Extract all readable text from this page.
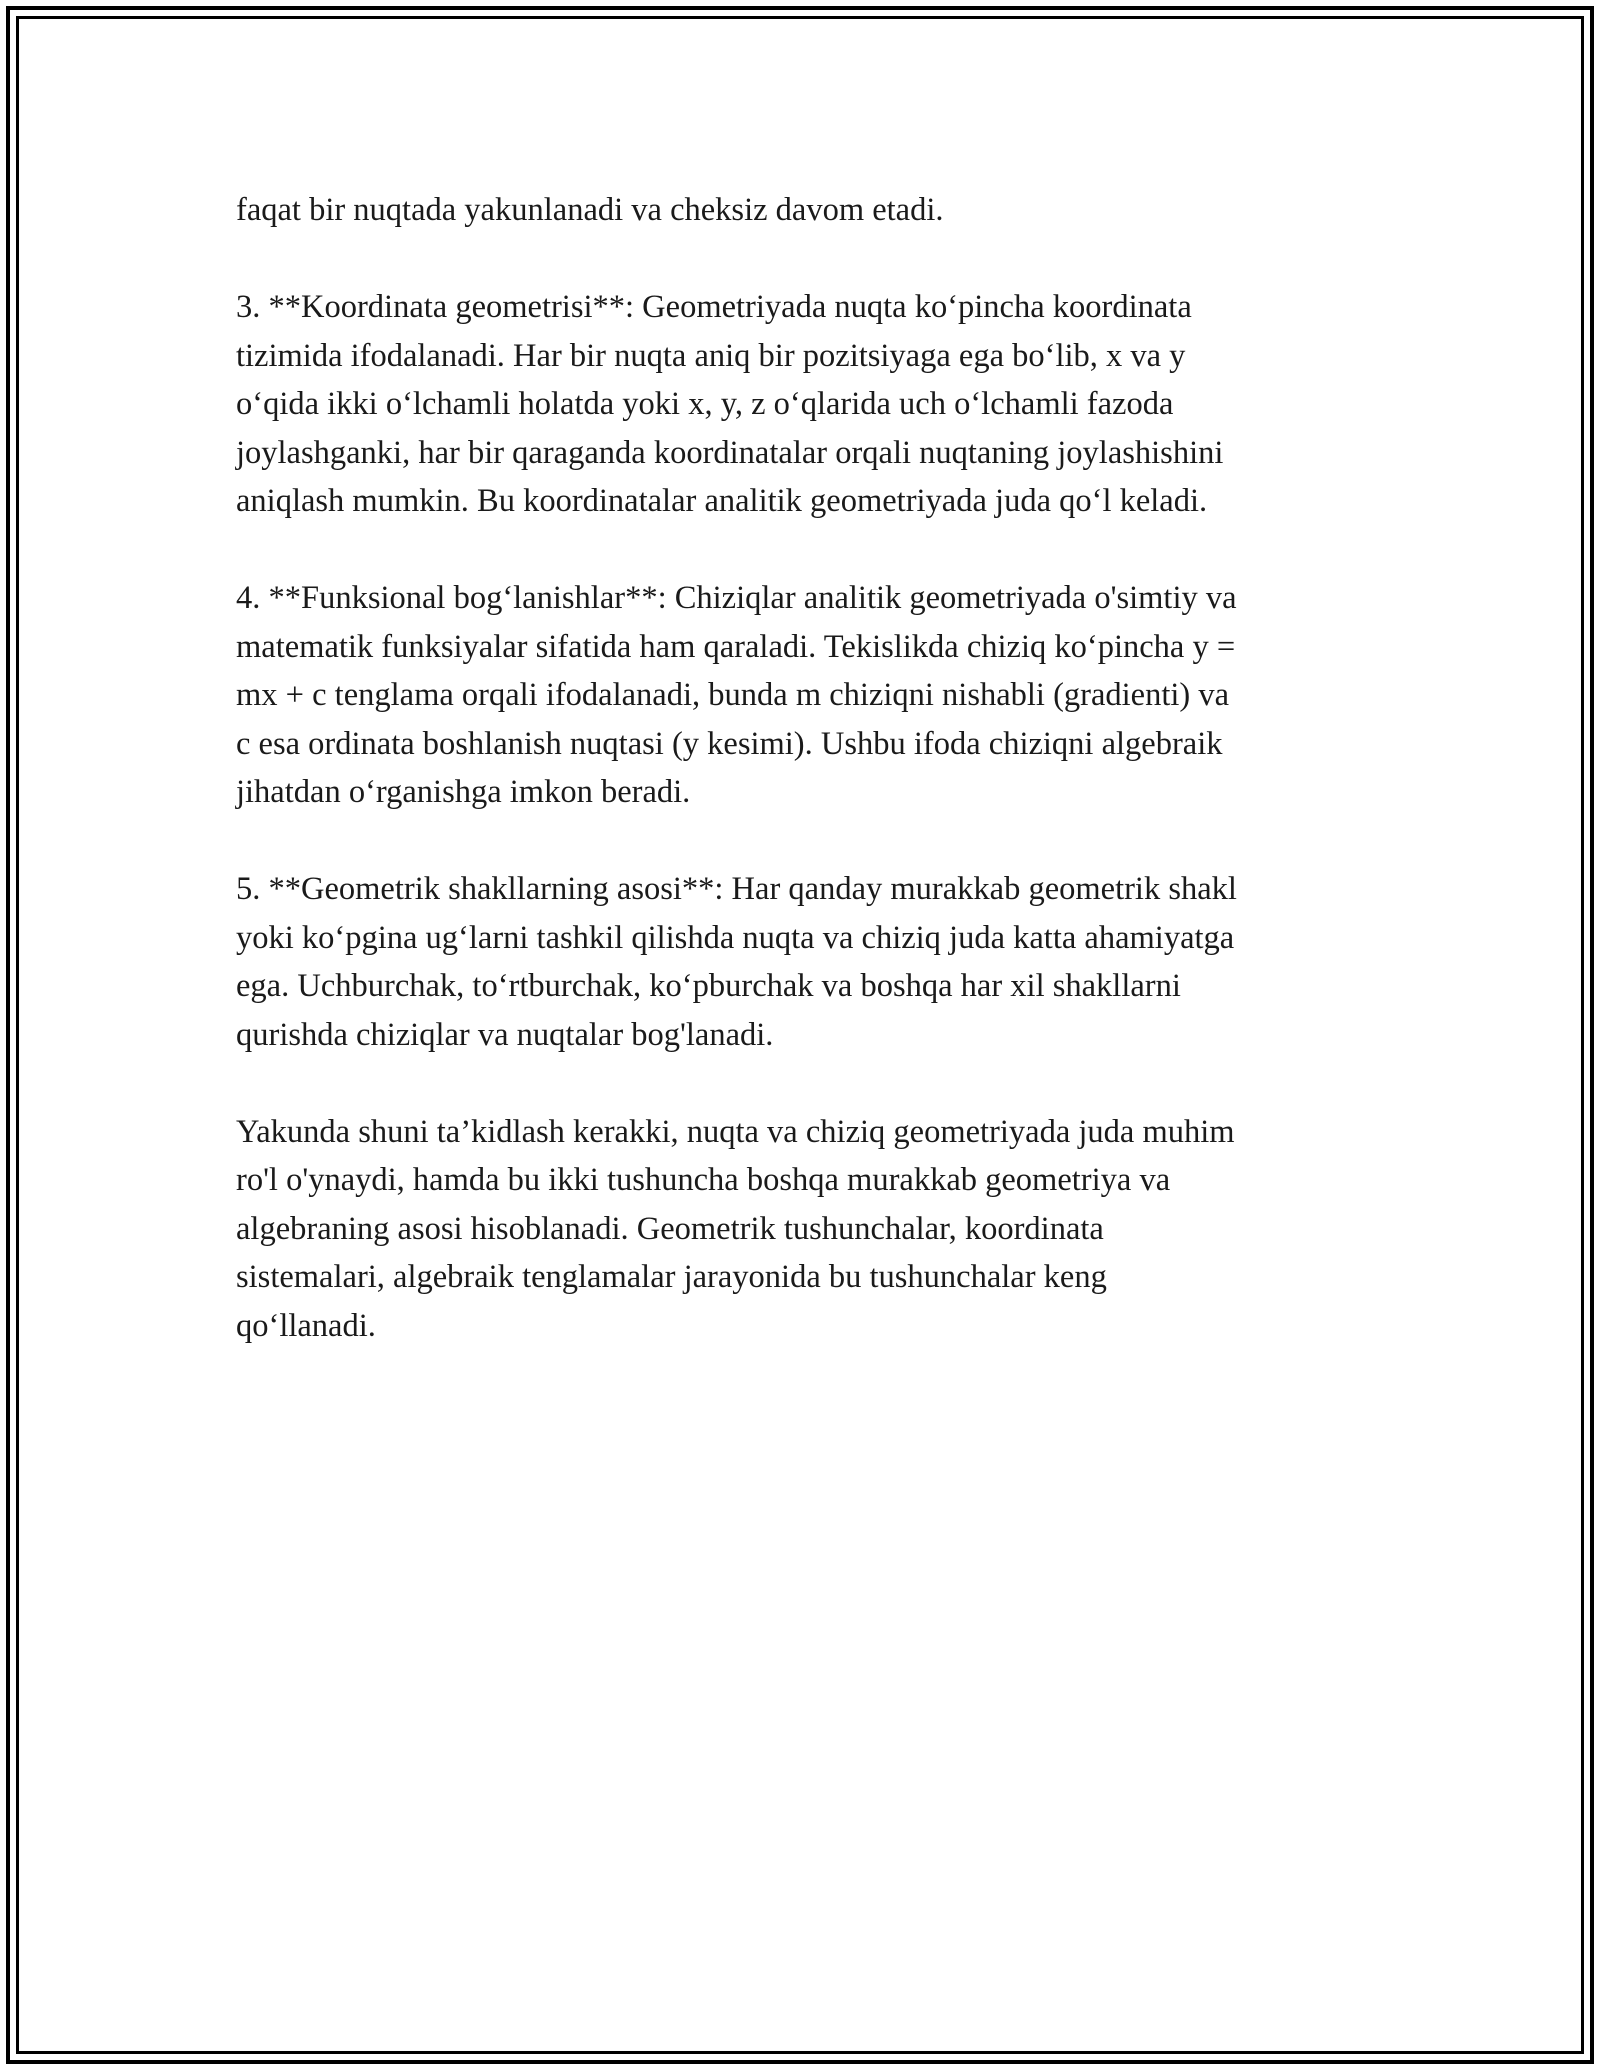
faqat bir nuqtada yakunlanadi va cheksiz davom etadi.

3. **Koordinata geometrisi**: Geometriyada nuqta ko‘pincha koordinata
tizimida ifodalanadi. Har bir nuqta aniq bir pozitsiyaga ega bo‘lib, x va y
o‘qida ikki o‘lchamli holatda yoki x, y, z o‘qlarida uch o‘lchamli fazoda
joylashganki, har bir qaraganda koordinatalar orqali nuqtaning joylashishini
aniqlash mumkin. Bu koordinatalar analitik geometriyada juda qo‘l keladi.

4. **Funksional bog‘lanishlar**: Chiziqlar analitik geometriyada o'simtiy va
matematik funksiyalar sifatida ham qaraladi. Tekislikda chiziq ko‘pincha y =
mx + c tenglama orqali ifodalanadi, bunda m chiziqni nishabli (gradienti) va
c esa ordinata boshlanish nuqtasi (y kesimi). Ushbu ifoda chiziqni algebraik
jihatdan o‘rganishga imkon beradi.

5. **Geometrik shakllarning asosi**: Har qanday murakkab geometrik shakl
yoki ko‘pgina ug‘larni tashkil qilishda nuqta va chiziq juda katta ahamiyatga
ega. Uchburchak, to‘rtburchak, ko‘pburchak va boshqa har xil shakllarni
qurishda chiziqlar va nuqtalar bog'lanadi.

Yakunda shuni ta’kidlash kerakki, nuqta va chiziq geometriyada juda muhim
ro'l o'ynaydi, hamda bu ikki tushuncha boshqa murakkab geometriya va
algebraning asosi hisoblanadi. Geometrik tushunchalar, koordinata
sistemalari, algebraik tenglamalar jarayonida bu tushunchalar keng
qo‘llanadi.
